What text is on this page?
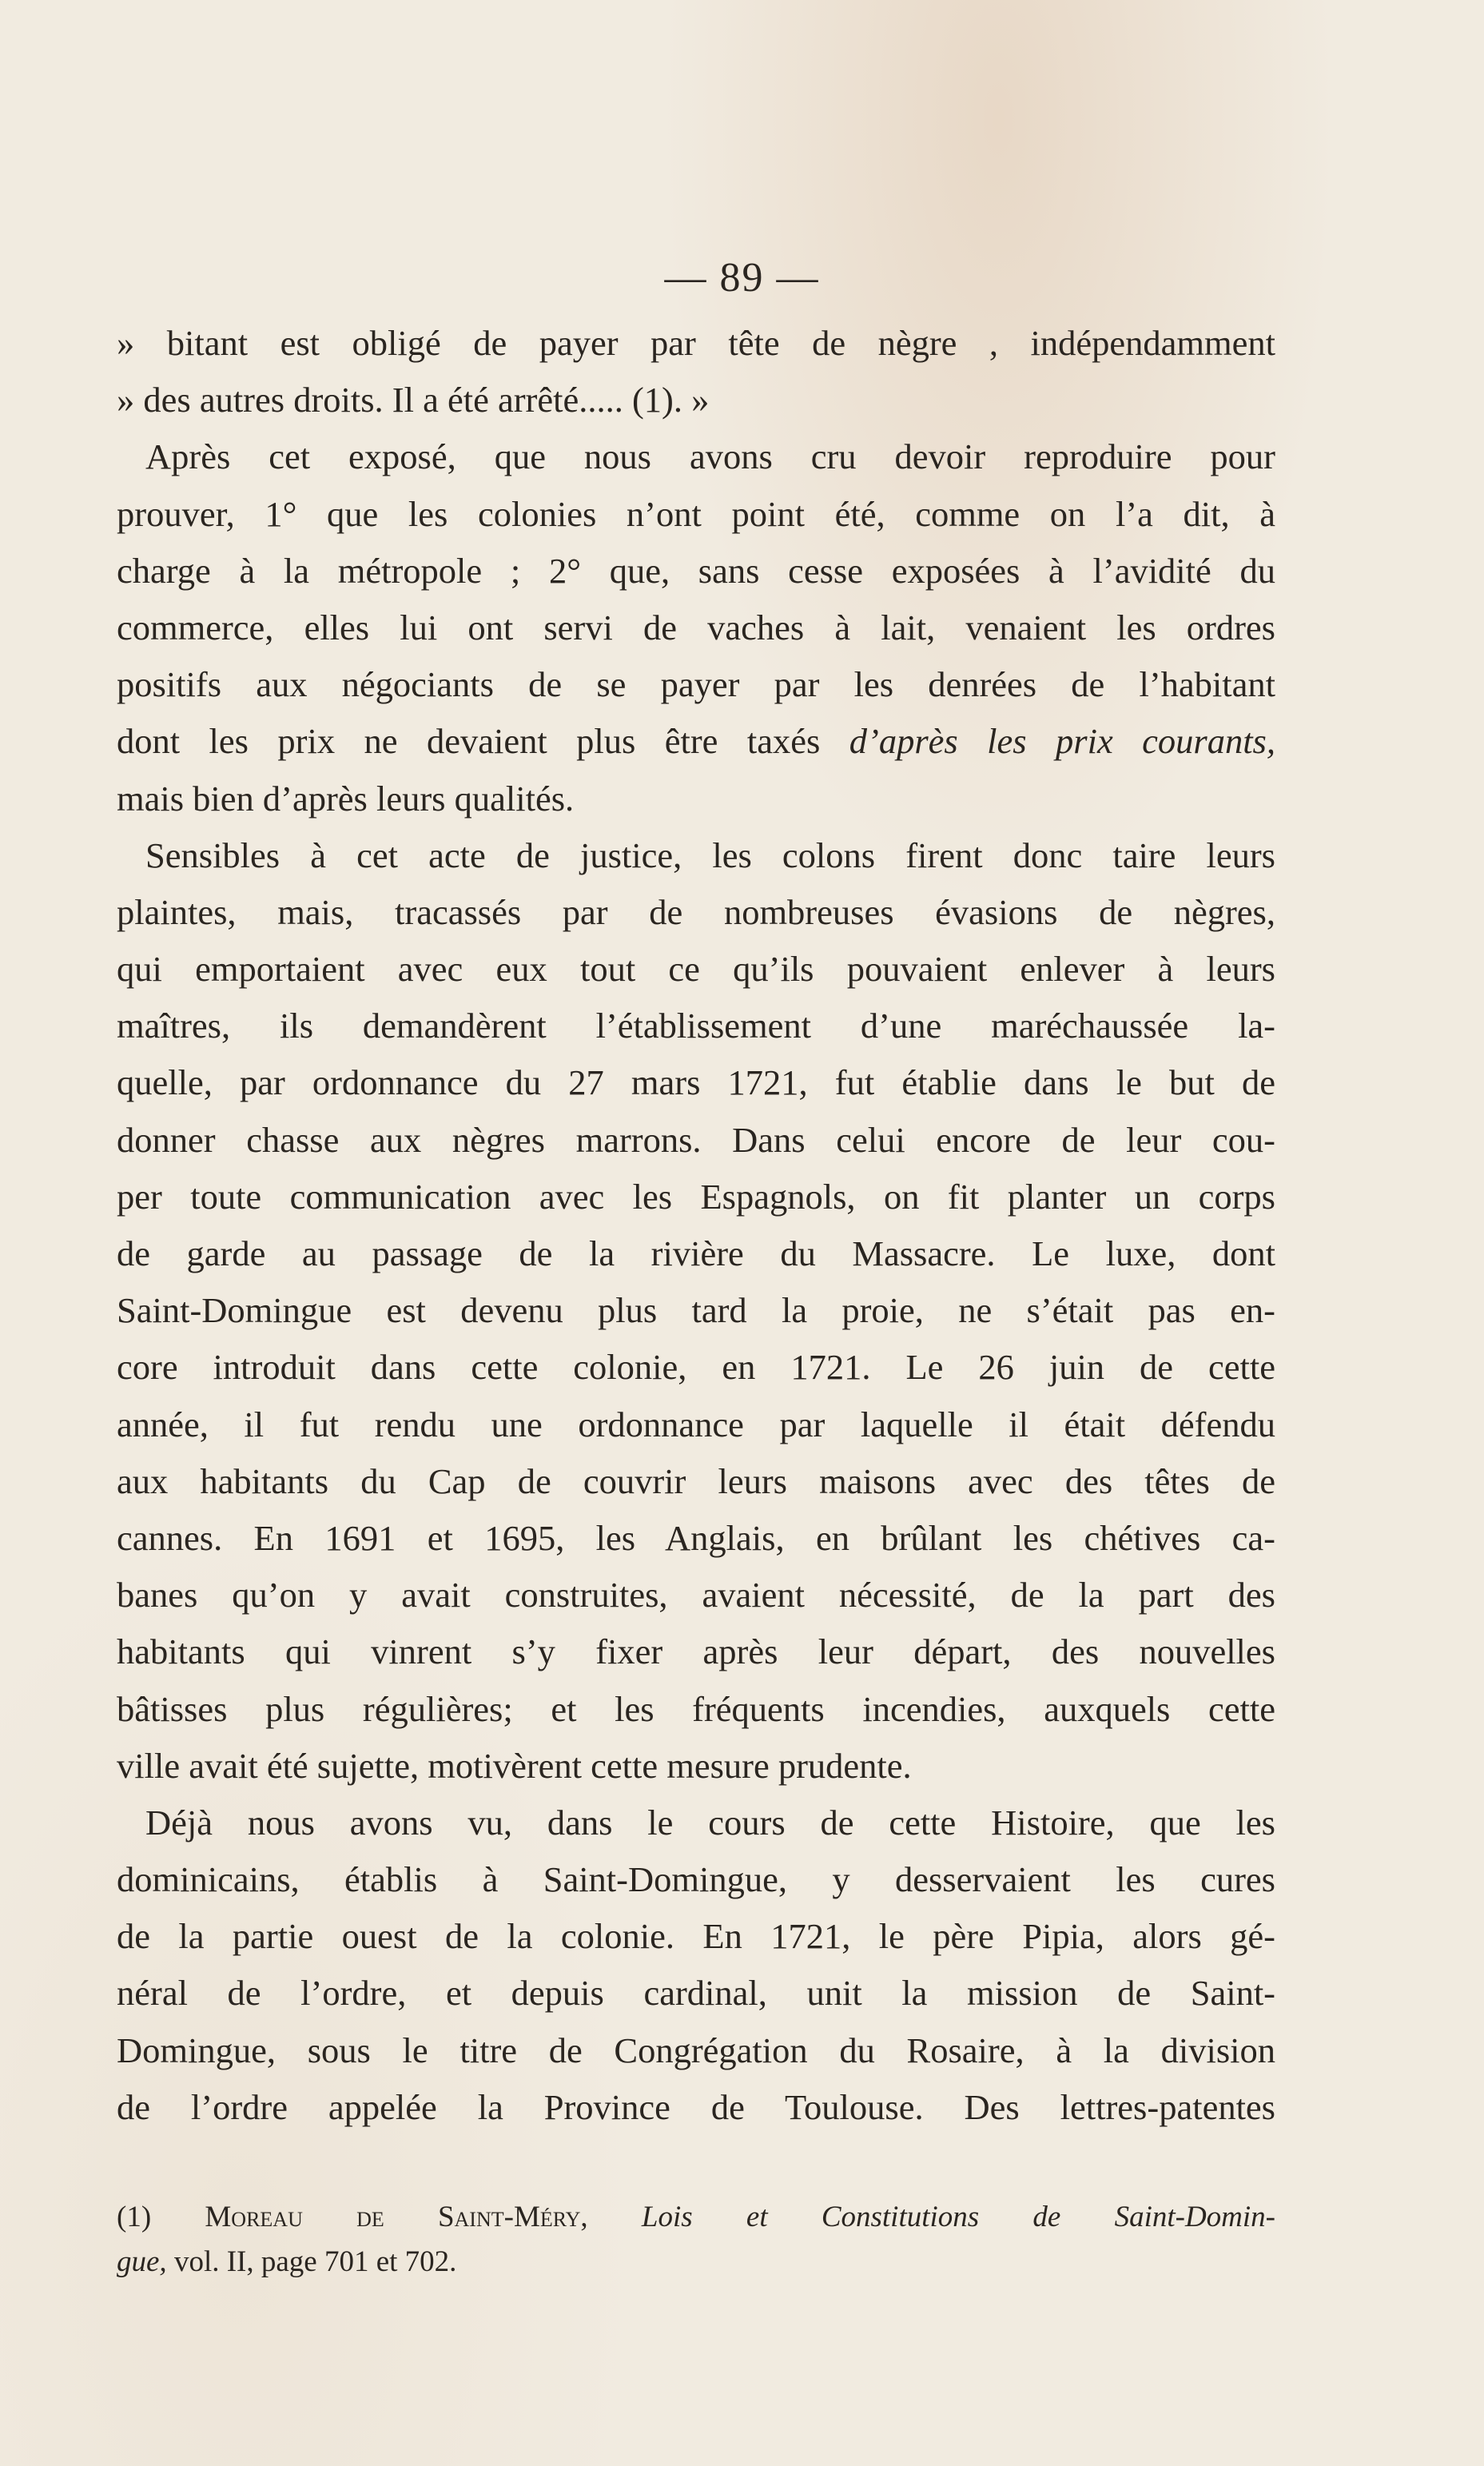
— 89 —
» bitant est obligé de payer par tête de nègre , indépendamment
» des autres droits. Il a été arrêté..... (1). »
Après cet exposé, que nous avons cru devoir reproduire pour
prouver, 1° que les colonies n’ont point été, comme on l’a dit, à
charge à la métropole ; 2° que, sans cesse exposées à l’avidité du
commerce, elles lui ont servi de vaches à lait, venaient les ordres
positifs aux négociants de se payer par les denrées de l’habitant
dont les prix ne devaient plus être taxés d’après les prix courants,
mais bien d’après leurs qualités.
Sensibles à cet acte de justice, les colons firent donc taire leurs
plaintes, mais, tracassés par de nombreuses évasions de nègres,
qui emportaient avec eux tout ce qu’ils pouvaient enlever à leurs
maîtres, ils demandèrent l’établissement d’une maréchaussée la-
quelle, par ordonnance du 27 mars 1721, fut établie dans le but de
donner chasse aux nègres marrons. Dans celui encore de leur cou-
per toute communication avec les Espagnols, on fit planter un corps
de garde au passage de la rivière du Massacre. Le luxe, dont
Saint-Domingue est devenu plus tard la proie, ne s’était pas en-
core introduit dans cette colonie, en 1721. Le 26 juin de cette
année, il fut rendu une ordonnance par laquelle il était défendu
aux habitants du Cap de couvrir leurs maisons avec des têtes de
cannes. En 1691 et 1695, les Anglais, en brûlant les chétives ca-
banes qu’on y avait construites, avaient nécessité, de la part des
habitants qui vinrent s’y fixer après leur départ, des nouvelles
bâtisses plus régulières; et les fréquents incendies, auxquels cette
ville avait été sujette, motivèrent cette mesure prudente.
Déjà nous avons vu, dans le cours de cette Histoire, que les
dominicains, établis à Saint-Domingue, y desservaient les cures
de la partie ouest de la colonie. En 1721, le père Pipia, alors gé-
néral de l’ordre, et depuis cardinal, unit la mission de Saint-
Domingue, sous le titre de Congrégation du Rosaire, à la division
de l’ordre appelée la Province de Toulouse. Des lettres-patentes
(1) Moreau de Saint-Méry, Lois et Constitutions de Saint-Domin-
gue, vol. II, page 701 et 702.
